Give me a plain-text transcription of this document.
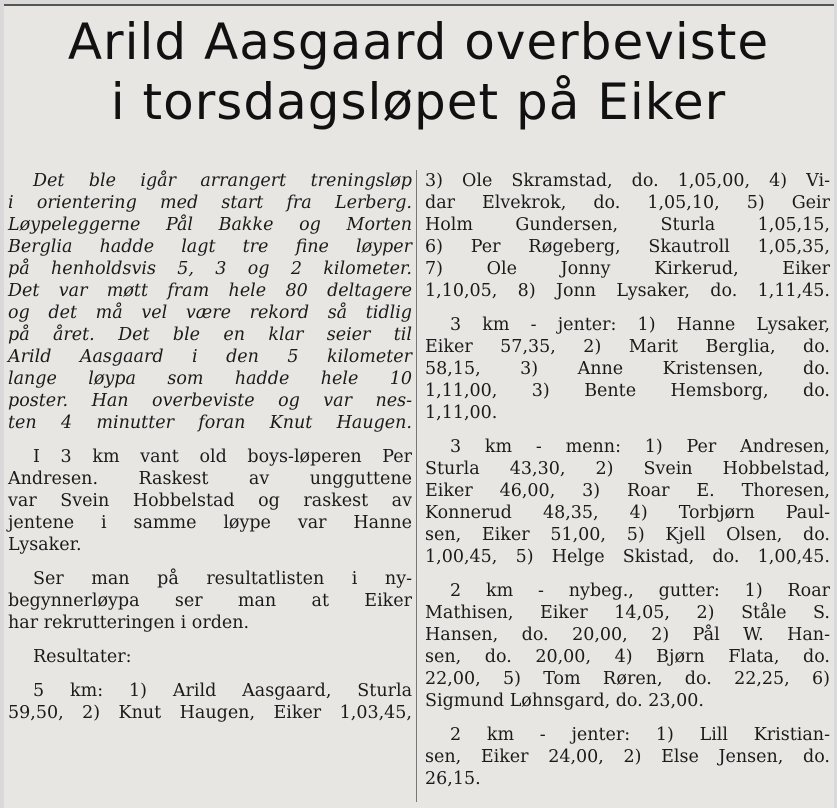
Arild Aasgaard overbeviste
i torsdagsløpet på Eiker
Det ble igår arrangert treningsløp
i orientering med start fra Lerberg.
Løypeleggerne Pål Bakke og Morten
Berglia hadde lagt tre fine løyper
på henholdsvis 5, 3 og 2 kilometer.
Det var møtt fram hele 80 deltagere
og det må vel være rekord så tidlig
på året. Det ble en klar seier til
Arild Aasgaard i den 5 kilometer
lange løypa som hadde hele 10
poster. Han overbeviste og var nes-
ten 4 minutter foran Knut Haugen.
I 3 km vant old boys-løperen Per
Andresen. Raskest av ungguttene
var Svein Hobbelstad og raskest av
jentene i samme løype var Hanne
Lysaker.
Ser man på resultatlisten i ny-
begynnerløypa ser man at Eiker
har rekrutteringen i orden.
Resultater:
5 km: 1) Arild Aasgaard, Sturla
59,50, 2) Knut Haugen, Eiker 1,03,45,
3) Ole Skramstad, do. 1,05,00, 4) Vi-
dar Elvekrok, do. 1,05,10, 5) Geir
Holm Gundersen, Sturla 1,05,15,
6) Per Røgeberg, Skautroll 1,05,35,
7) Ole Jonny Kirkerud, Eiker
1,10,05, 8) Jonn Lysaker, do. 1,11,45.
3 km - jenter: 1) Hanne Lysaker,
Eiker 57,35, 2) Marit Berglia, do.
58,15, 3) Anne Kristensen, do.
1,11,00, 3) Bente Hemsborg, do.
1,11,00.
3 km - menn: 1) Per Andresen,
Sturla 43,30, 2) Svein Hobbelstad,
Eiker 46,00, 3) Roar E. Thoresen,
Konnerud 48,35, 4) Torbjørn Paul-
sen, Eiker 51,00, 5) Kjell Olsen, do.
1,00,45, 5) Helge Skistad, do. 1,00,45.
2 km - nybeg., gutter: 1) Roar
Mathisen, Eiker 14,05, 2) Ståle S.
Hansen, do. 20,00, 2) Pål W. Han-
sen, do. 20,00, 4) Bjørn Flata, do.
22,00, 5) Tom Røren, do. 22,25, 6)
Sigmund Løhnsgard, do. 23,00.
2 km - jenter: 1) Lill Kristian-
sen, Eiker 24,00, 2) Else Jensen, do.
26,15.
